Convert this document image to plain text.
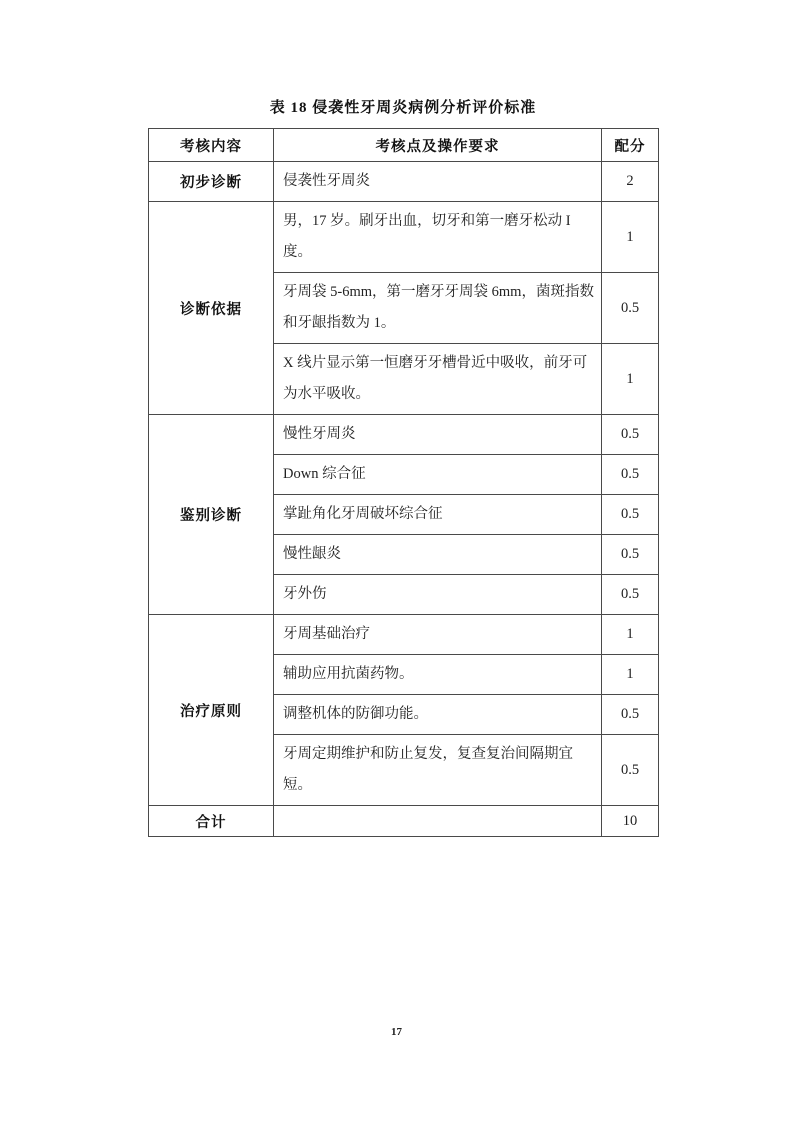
表 18 侵袭性牙周炎病例分析评价标准
考核内容	考核点及操作要求	配分
初步诊断	侵袭性牙周炎	2
诊断依据	男，17 岁。刷牙出血，切牙和第一磨牙松动 I 度。	1
	牙周袋 5-6mm，第一磨牙牙周袋 6mm，菌斑指数和牙龈指数为 1。	0.5
	X 线片显示第一恒磨牙牙槽骨近中吸收，前牙可为水平吸收。	1
鉴别诊断	慢性牙周炎	0.5
	Down 综合征	0.5
	掌趾角化牙周破坏综合征	0.5
	慢性龈炎	0.5
	牙外伤	0.5
治疗原则	牙周基础治疗	1
	辅助应用抗菌药物。	1
	调整机体的防御功能。	0.5
	牙周定期维护和防止复发，复查复治间隔期宜短。	0.5
合计		10
17
